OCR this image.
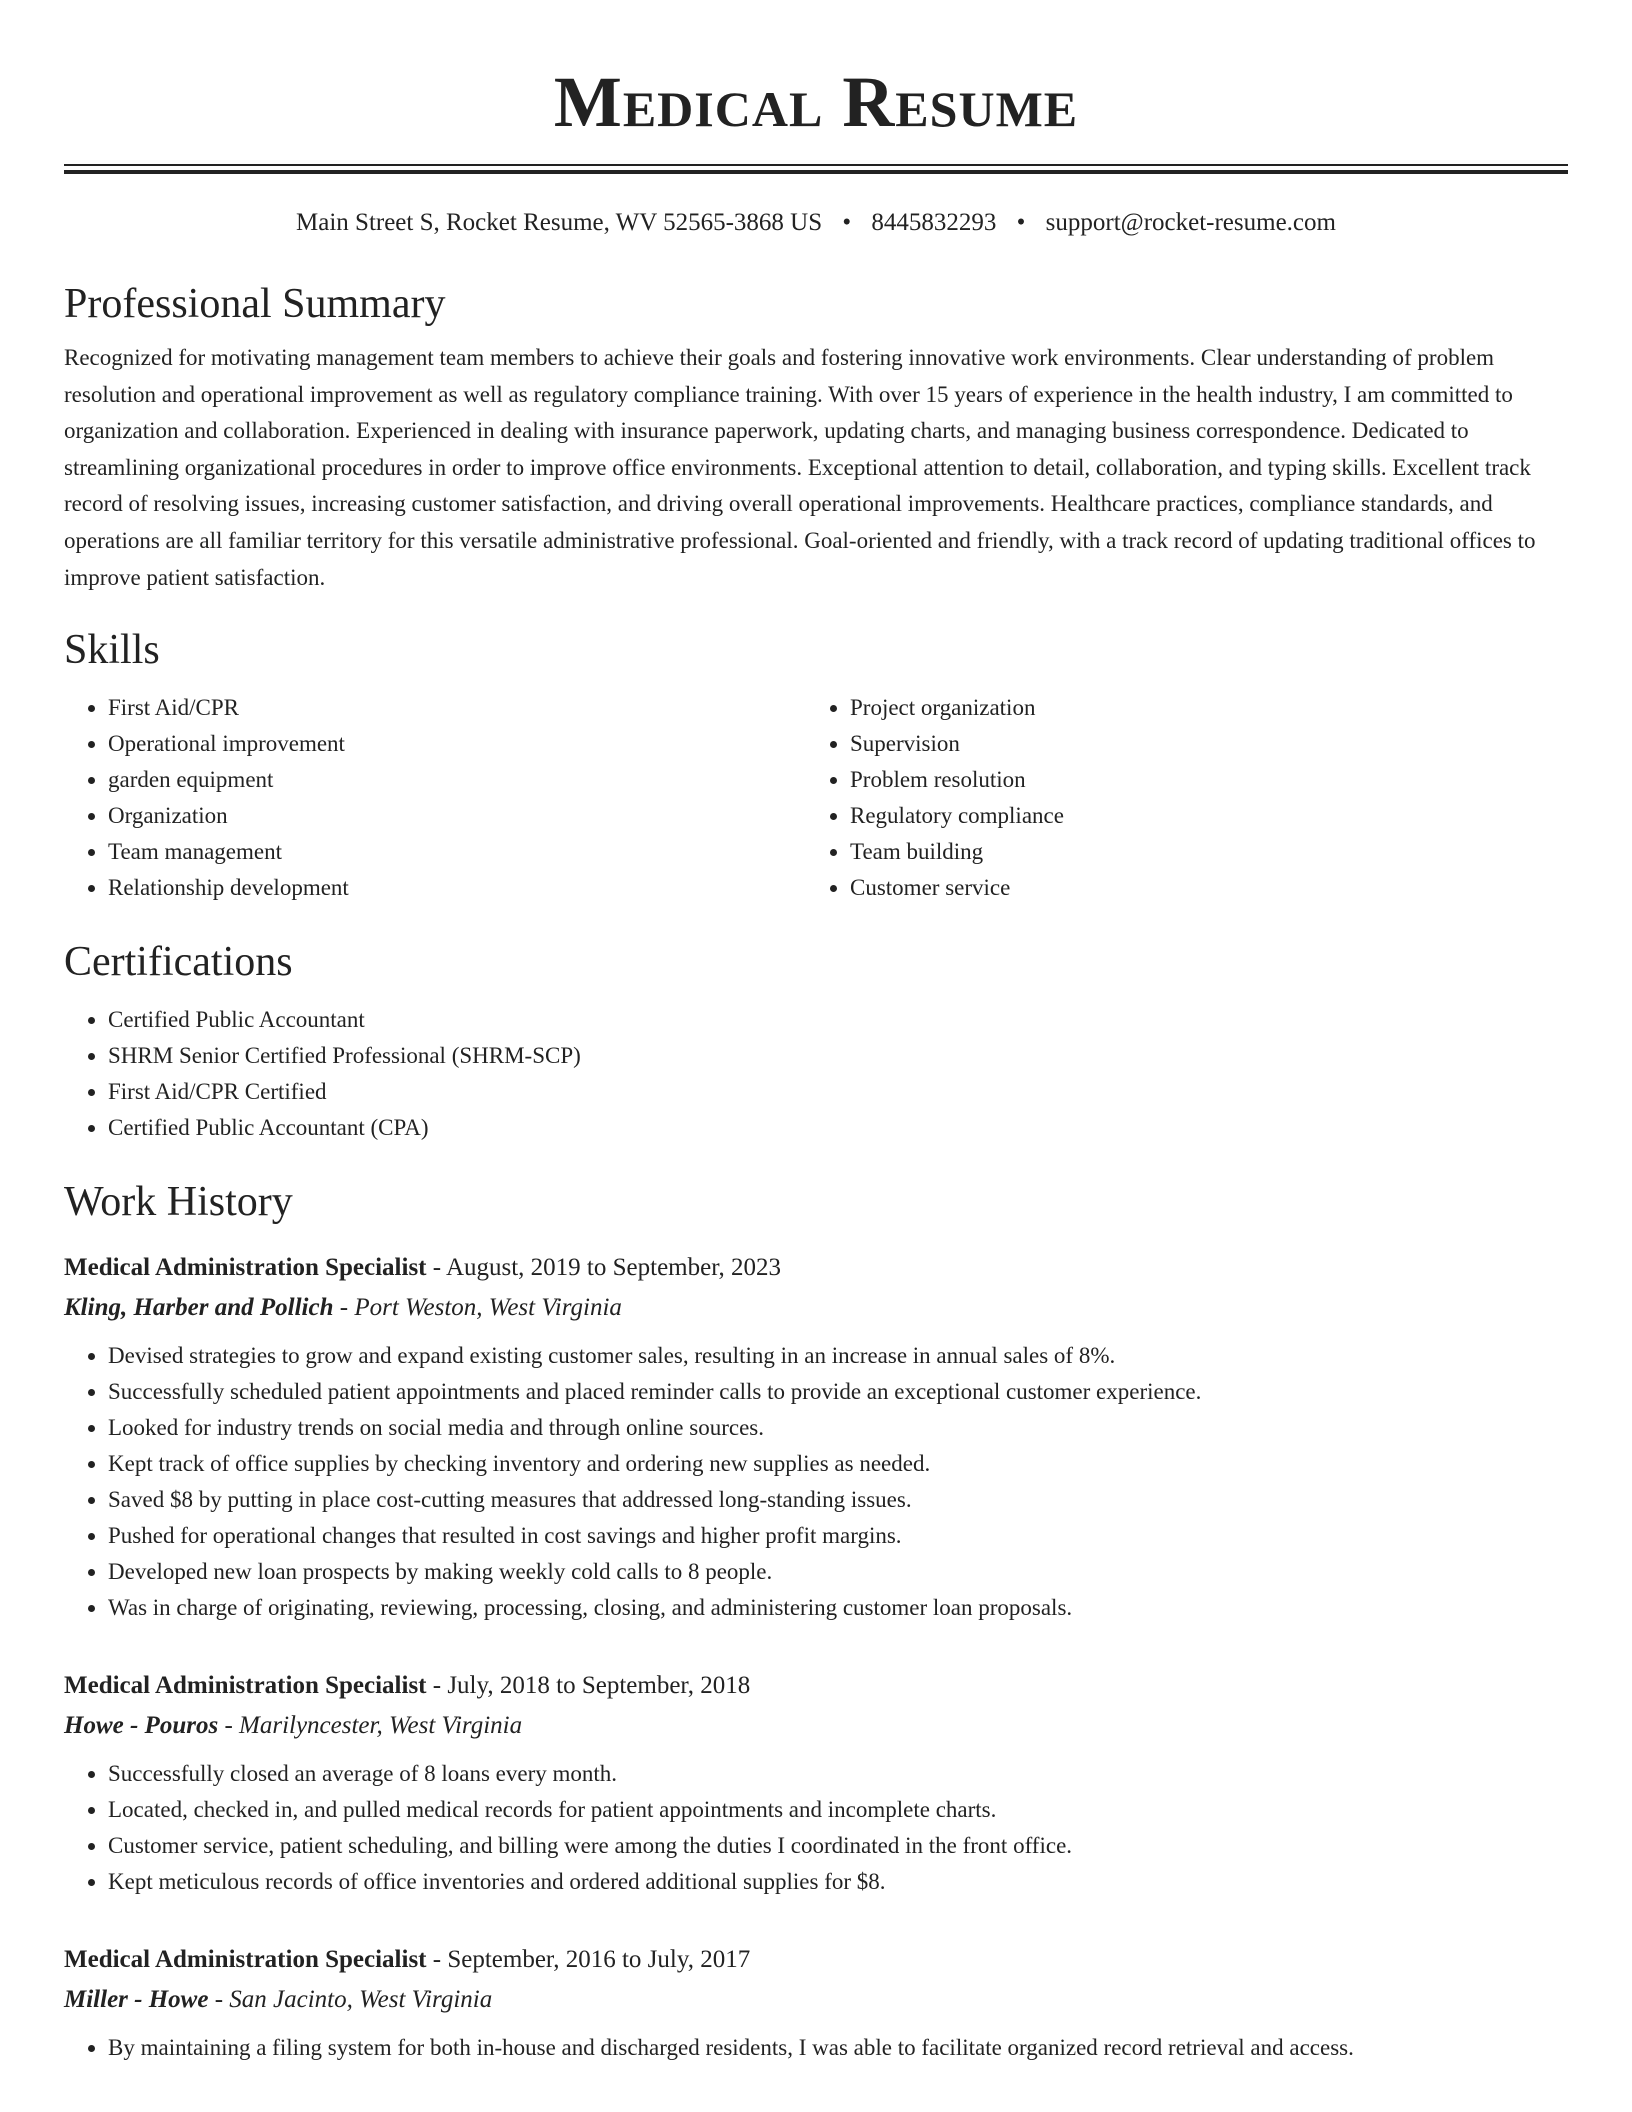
Medical Resume
Main Street S, Rocket Resume, WV 52565-3868 US • 8445832293 • support@rocket-resume.com
Professional Summary
Recognized for motivating management team members to achieve their goals and fostering innovative work environments. Clear understanding of problem resolution and operational improvement as well as regulatory compliance training. With over 15 years of experience in the health industry, I am committed to organization and collaboration. Experienced in dealing with insurance paperwork, updating charts, and managing business correspondence. Dedicated to streamlining organizational procedures in order to improve office environments. Exceptional attention to detail, collaboration, and typing skills. Excellent track record of resolving issues, increasing customer satisfaction, and driving overall operational improvements. Healthcare practices, compliance standards, and operations are all familiar territory for this versatile administrative professional. Goal-oriented and friendly, with a track record of updating traditional offices to improve patient satisfaction.
Skills
• First Aid/CPR
• Operational improvement
• garden equipment
• Organization
• Team management
• Relationship development
• Project organization
• Supervision
• Problem resolution
• Regulatory compliance
• Team building
• Customer service
Certifications
• Certified Public Accountant
• SHRM Senior Certified Professional (SHRM-SCP)
• First Aid/CPR Certified
• Certified Public Accountant (CPA)
Work History
Medical Administration Specialist - August, 2019 to September, 2023
Kling, Harber and Pollich - Port Weston, West Virginia
• Devised strategies to grow and expand existing customer sales, resulting in an increase in annual sales of 8%.
• Successfully scheduled patient appointments and placed reminder calls to provide an exceptional customer experience.
• Looked for industry trends on social media and through online sources.
• Kept track of office supplies by checking inventory and ordering new supplies as needed.
• Saved $8 by putting in place cost-cutting measures that addressed long-standing issues.
• Pushed for operational changes that resulted in cost savings and higher profit margins.
• Developed new loan prospects by making weekly cold calls to 8 people.
• Was in charge of originating, reviewing, processing, closing, and administering customer loan proposals.
Medical Administration Specialist - July, 2018 to September, 2018
Howe - Pouros - Marilyncester, West Virginia
• Successfully closed an average of 8 loans every month.
• Located, checked in, and pulled medical records for patient appointments and incomplete charts.
• Customer service, patient scheduling, and billing were among the duties I coordinated in the front office.
• Kept meticulous records of office inventories and ordered additional supplies for $8.
Medical Administration Specialist - September, 2016 to July, 2017
Miller - Howe - San Jacinto, West Virginia
• By maintaining a filing system for both in-house and discharged residents, I was able to facilitate organized record retrieval and access.
